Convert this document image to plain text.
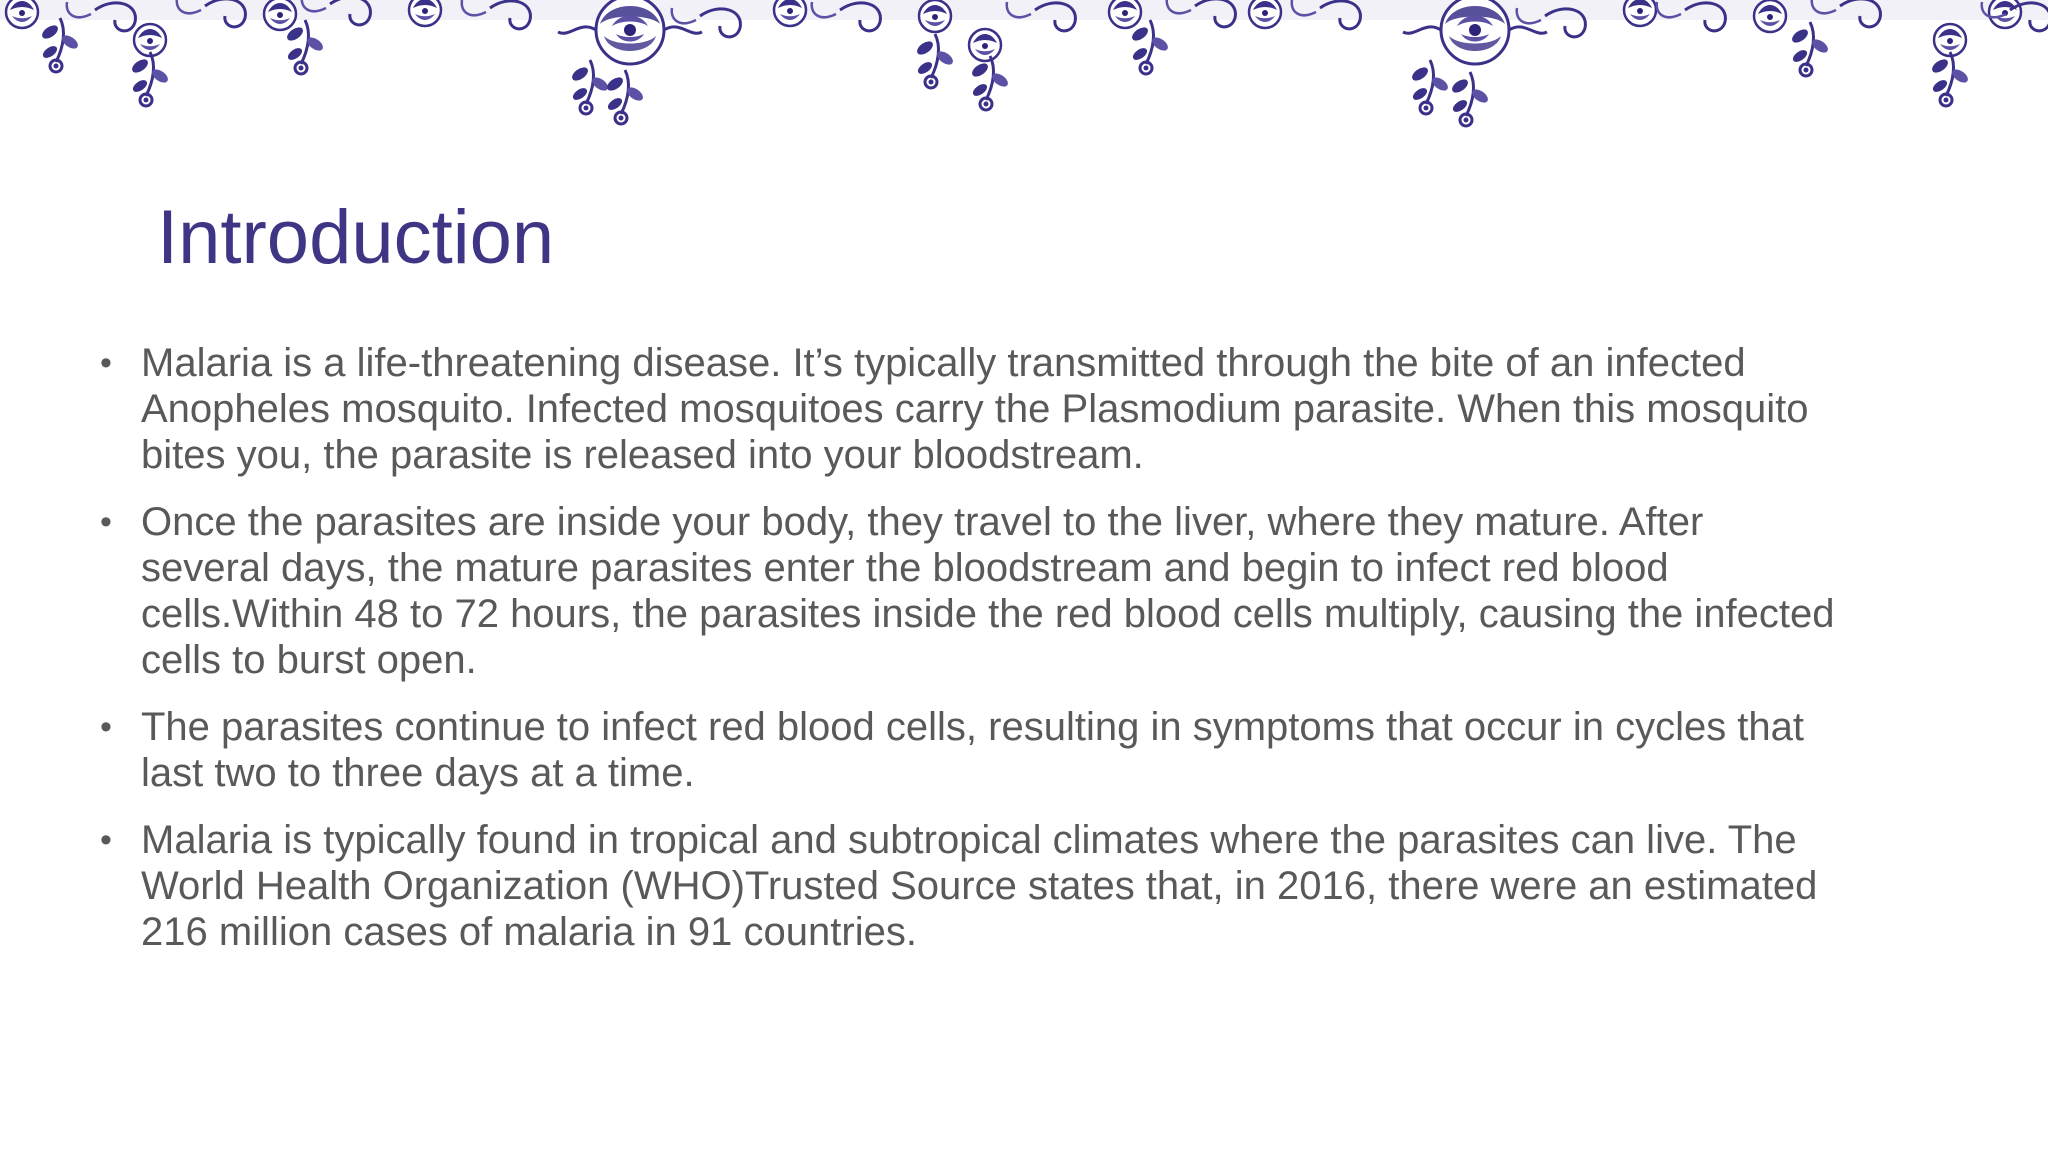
Introduction
• Malaria is a life-threatening disease. It’s typically transmitted through the bite of an infected
Anopheles mosquito. Infected mosquitoes carry the Plasmodium parasite. When this mosquito
bites you, the parasite is released into your bloodstream.
• Once the parasites are inside your body, they travel to the liver, where they mature. After
several days, the mature parasites enter the bloodstream and begin to infect red blood
cells.Within 48 to 72 hours, the parasites inside the red blood cells multiply, causing the infected
cells to burst open.
• The parasites continue to infect red blood cells, resulting in symptoms that occur in cycles that
last two to three days at a time.
• Malaria is typically found in tropical and subtropical climates where the parasites can live. The
World Health Organization (WHO)Trusted Source states that, in 2016, there were an estimated
216 million cases of malaria in 91 countries.
